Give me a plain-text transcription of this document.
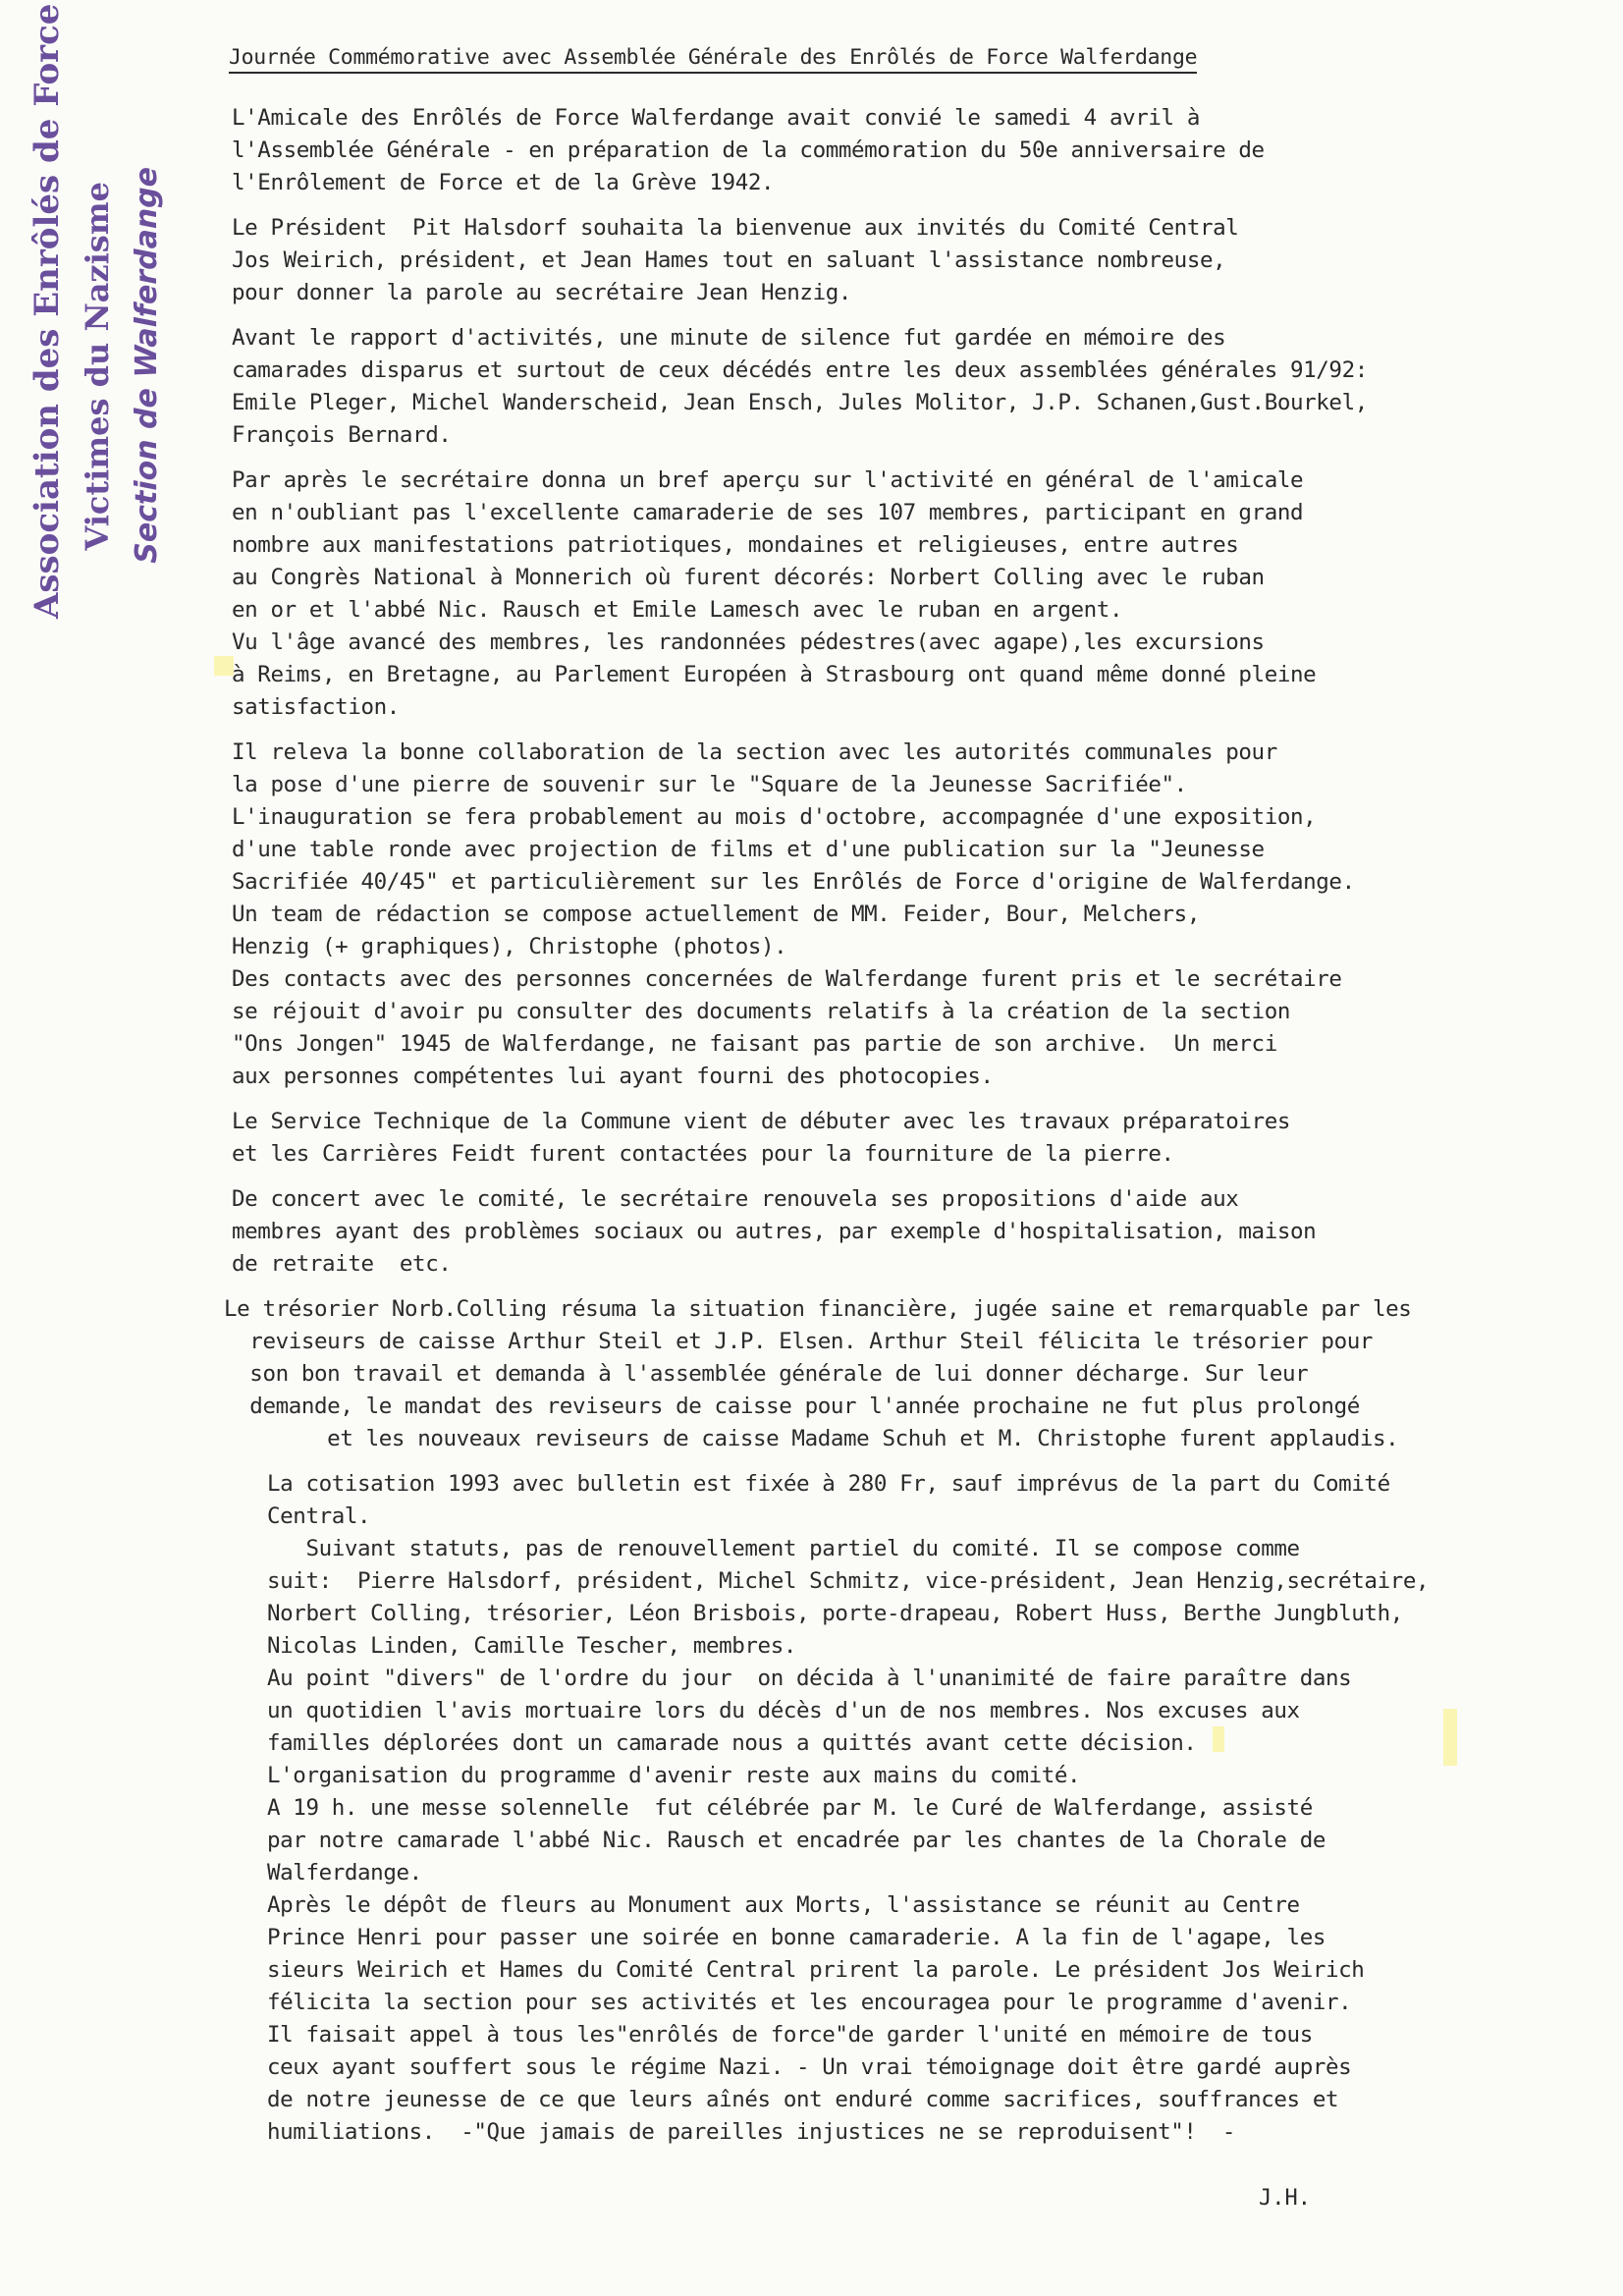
Association des Enrôlés de Force Victimes du Nazisme Section de Walferdange
Journée Commémorative avec Assemblée Générale des Enrôlés de Force Walferdange
L'Amicale des Enrôlés de Force Walferdange avait convié le samedi 4 avril à
l'Assemblée Générale - en préparation de la commémoration du 50e anniversaire de
l'Enrôlement de Force et de la Grève 1942.
Le Président  Pit Halsdorf souhaita la bienvenue aux invités du Comité Central
Jos Weirich, président, et Jean Hames tout en saluant l'assistance nombreuse,
pour donner la parole au secrétaire Jean Henzig.
Avant le rapport d'activités, une minute de silence fut gardée en mémoire des
camarades disparus et surtout de ceux décédés entre les deux assemblées générales 91/92:
Emile Pleger, Michel Wanderscheid, Jean Ensch, Jules Molitor, J.P. Schanen,Gust.Bourkel,
François Bernard.
Par après le secrétaire donna un bref aperçu sur l'activité en général de l'amicale
en n'oubliant pas l'excellente camaraderie de ses 107 membres, participant en grand
nombre aux manifestations patriotiques, mondaines et religieuses, entre autres
au Congrès National à Monnerich où furent décorés: Norbert Colling avec le ruban
en or et l'abbé Nic. Rausch et Emile Lamesch avec le ruban en argent.
Vu l'âge avancé des membres, les randonnées pédestres(avec agape),les excursions
à Reims, en Bretagne, au Parlement Européen à Strasbourg ont quand même donné pleine
satisfaction.
Il releva la bonne collaboration de la section avec les autorités communales pour
la pose d'une pierre de souvenir sur le "Square de la Jeunesse Sacrifiée".
L'inauguration se fera probablement au mois d'octobre, accompagnée d'une exposition,
d'une table ronde avec projection de films et d'une publication sur la "Jeunesse
Sacrifiée 40/45" et particulièrement sur les Enrôlés de Force d'origine de Walferdange.
Un team de rédaction se compose actuellement de MM. Feider, Bour, Melchers,
Henzig (+ graphiques), Christophe (photos).
Des contacts avec des personnes concernées de Walferdange furent pris et le secrétaire
se réjouit d'avoir pu consulter des documents relatifs à la création de la section
"Ons Jongen" 1945 de Walferdange, ne faisant pas partie de son archive.  Un merci
aux personnes compétentes lui ayant fourni des photocopies.
Le Service Technique de la Commune vient de débuter avec les travaux préparatoires
et les Carrières Feidt furent contactées pour la fourniture de la pierre.
De concert avec le comité, le secrétaire renouvela ses propositions d'aide aux
membres ayant des problèmes sociaux ou autres, par exemple d'hospitalisation, maison
de retraite  etc.
Le trésorier Norb.Colling résuma la situation financière, jugée saine et remarquable par les
reviseurs de caisse Arthur Steil et J.P. Elsen. Arthur Steil félicita le trésorier pour
son bon travail et demanda à l'assemblée générale de lui donner décharge. Sur leur
demande, le mandat des reviseurs de caisse pour l'année prochaine ne fut plus prolongé
et les nouveaux reviseurs de caisse Madame Schuh et M. Christophe furent applaudis.
La cotisation 1993 avec bulletin est fixée à 280 Fr, sauf imprévus de la part du Comité
Central.
Suivant statuts, pas de renouvellement partiel du comité. Il se compose comme
suit:  Pierre Halsdorf, président, Michel Schmitz, vice-président, Jean Henzig,secrétaire,
Norbert Colling, trésorier, Léon Brisbois, porte-drapeau, Robert Huss, Berthe Jungbluth,
Nicolas Linden, Camille Tescher, membres.
Au point "divers" de l'ordre du jour  on décida à l'unanimité de faire paraître dans
un quotidien l'avis mortuaire lors du décès d'un de nos membres. Nos excuses aux
familles déplorées dont un camarade nous a quittés avant cette décision.
L'organisation du programme d'avenir reste aux mains du comité.
A 19 h. une messe solennelle  fut célébrée par M. le Curé de Walferdange, assisté
par notre camarade l'abbé Nic. Rausch et encadrée par les chantes de la Chorale de
Walferdange.
Après le dépôt de fleurs au Monument aux Morts, l'assistance se réunit au Centre
Prince Henri pour passer une soirée en bonne camaraderie. A la fin de l'agape, les
sieurs Weirich et Hames du Comité Central prirent la parole. Le président Jos Weirich
félicita la section pour ses activités et les encouragea pour le programme d'avenir.
Il faisait appel à tous les"enrôlés de force"de garder l'unité en mémoire de tous
ceux ayant souffert sous le régime Nazi. - Un vrai témoignage doit être gardé auprès
de notre jeunesse de ce que leurs aînés ont enduré comme sacrifices, souffrances et
humiliations.  -"Que jamais de pareilles injustices ne se reproduisent"!  -
J.H.
